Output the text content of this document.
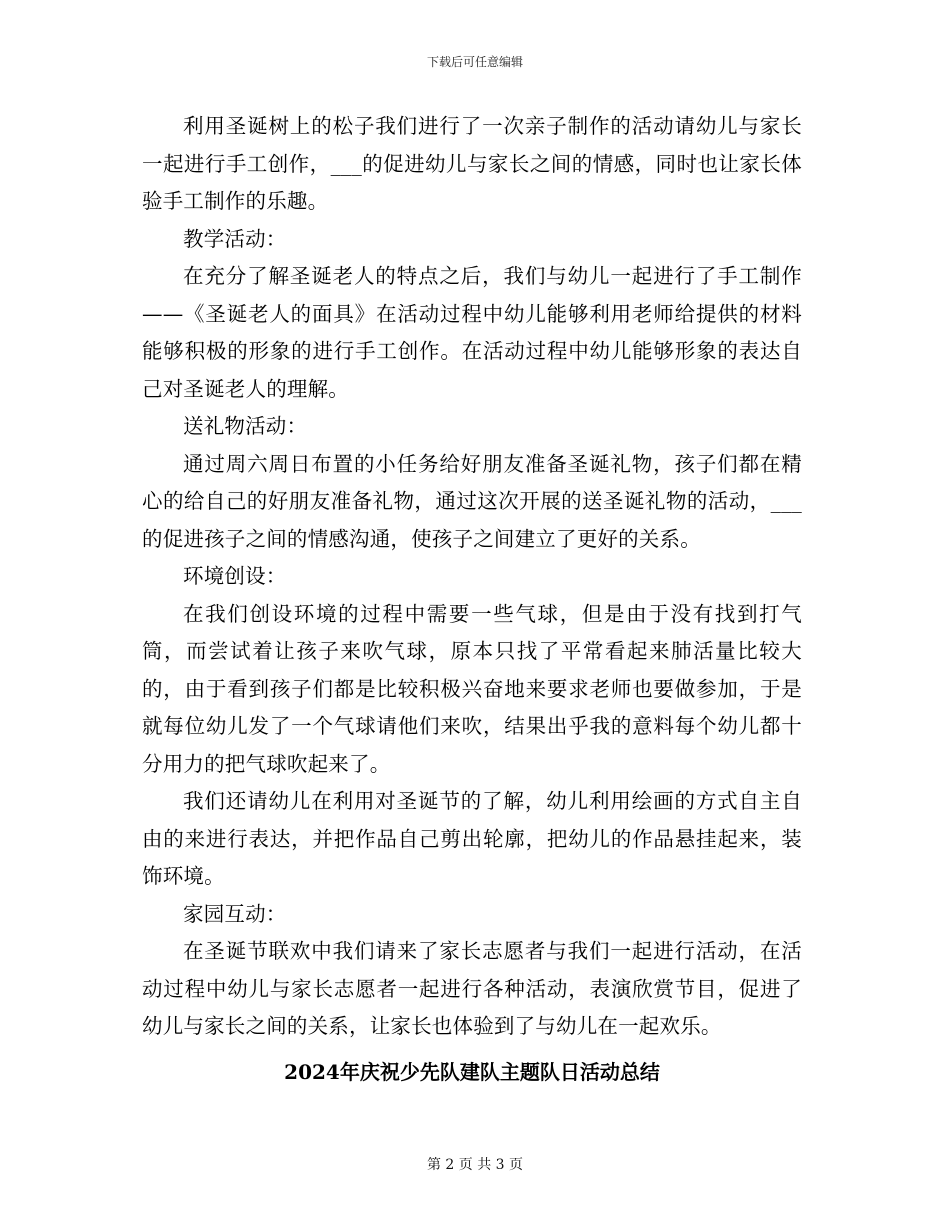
下载后可任意编辑

利用圣诞树上的松子我们进行了一次亲子制作的活动请幼儿与家长一起进行手工创作，___的促进幼儿与家长之间的情感，同时也让家长体验手工制作的乐趣。

教学活动：

在充分了解圣诞老人的特点之后，我们与幼儿一起进行了手工制作——《圣诞老人的面具》在活动过程中幼儿能够利用老师给提供的材料能够积极的形象的进行手工创作。在活动过程中幼儿能够形象的表达自己对圣诞老人的理解。

送礼物活动：

通过周六周日布置的小任务给好朋友准备圣诞礼物，孩子们都在精心的给自己的好朋友准备礼物，通过这次开展的送圣诞礼物的活动，___的促进孩子之间的情感沟通，使孩子之间建立了更好的关系。

环境创设：

在我们创设环境的过程中需要一些气球，但是由于没有找到打气筒，而尝试着让孩子来吹气球，原本只找了平常看起来肺活量比较大的，由于看到孩子们都是比较积极兴奋地来要求老师也要做参加，于是就每位幼儿发了一个气球请他们来吹，结果出乎我的意料每个幼儿都十分用力的把气球吹起来了。

我们还请幼儿在利用对圣诞节的了解，幼儿利用绘画的方式自主自由的来进行表达，并把作品自己剪出轮廓，把幼儿的作品悬挂起来，装饰环境。

家园互动：

在圣诞节联欢中我们请来了家长志愿者与我们一起进行活动，在活动过程中幼儿与家长志愿者一起进行各种活动，表演欣赏节目，促进了幼儿与家长之间的关系，让家长也体验到了与幼儿在一起欢乐。

2024年庆祝少先队建队主题队日活动总结

第 2 页 共 3 页
